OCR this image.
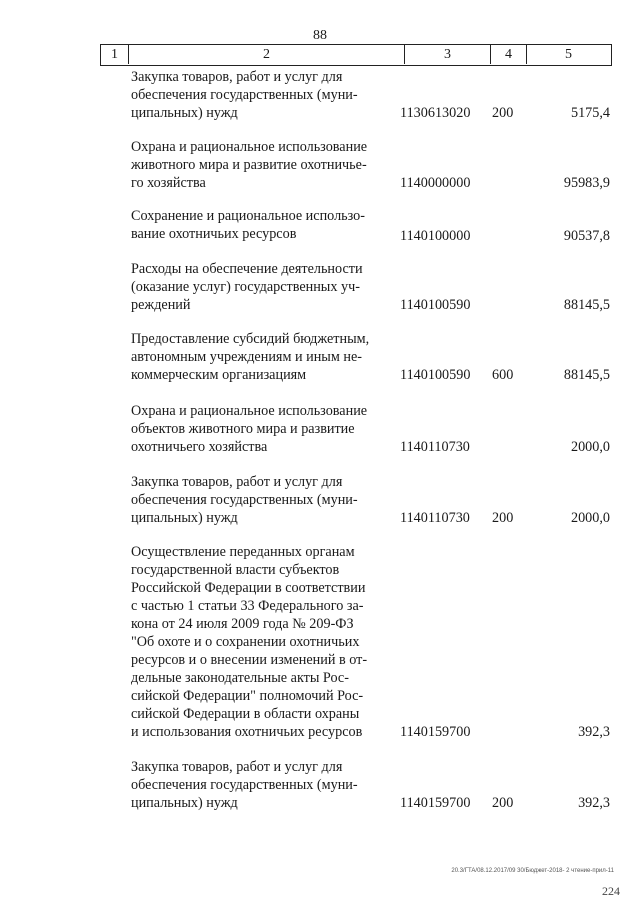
88
1	2	3	4	5
Закупка товаров, работ и услуг для
обеспечения государственных (муни-
ципальных) нужд	1130613020 200	5175,4
Охрана и рациональное использование
животного мира и развитие охотничье-
го хозяйства	1140000000	95983,9
Сохранение и рациональное использо-
вание охотничьих ресурсов	1140100000	90537,8
Расходы на обеспечение деятельности
(оказание услуг) государственных уч-
реждений	1140100590	88145,5
Предоставление субсидий бюджетным,
автономным учреждениям и иным не-
коммерческим организациям	1140100590 600	88145,5
Охрана и рациональное использование
объектов животного мира и развитие
охотничьего хозяйства	1140110730	2000,0
Закупка товаров, работ и услуг для
обеспечения государственных (муни-
ципальных) нужд	1140110730 200	2000,0
Осуществление переданных органам
государственной власти субъектов
Российской Федерации в соответствии
с частью 1 статьи 33 Федерального за-
кона от 24 июля 2009 года № 209-ФЗ
"Об охоте и о сохранении охотничьих
ресурсов и о внесении изменений в от-
дельные законодательные акты Рос-
сийской Федерации" полномочий Рос-
сийской Федерации в области охраны
и использования охотничьих ресурсов	1140159700	392,3
Закупка товаров, работ и услуг для
обеспечения государственных (муни-
ципальных) нужд	1140159700 200	392,3
20.3/ГТА/08.12.2017/09 30/Бюджет-2018- 2 чтение-прил-11
224
